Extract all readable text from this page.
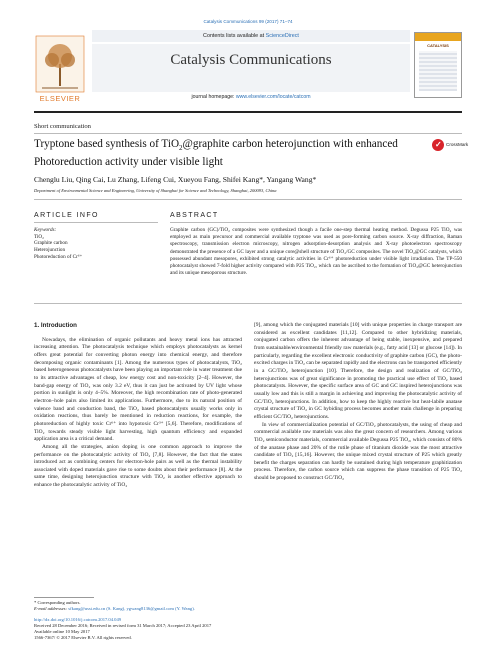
Catalysis Communications 99 (2017) 71–74
ELSEVIER
Contents lists available at ScienceDirect
Catalysis Communications
journal homepage: www.elsevier.com/locate/catcom
CATALYSIS
Short communication
Tryptone based synthesis of TiO$_2$@graphite carbon heterojunction with enhanced Photoreduction activity under visible light
✓ CrossMark
Chenglu Liu, Qing Cai, Lu Zhang, Lifeng Cui, Xueyou Fang, Shifei Kang*, Yangang Wang*
Department of Environmental Science and Engineering, University of Shanghai for Science and Technology, Shanghai, 200093, China
ARTICLE INFO	ABSTRACT
Keywords:
TiO₂
Graphite carbon
Heterojunction
Photoreduction of Cr⁶⁺
Graphite carbon (GC)/TiO₂ composites were synthesized though a facile one-step thermal heating method. Degussa P25 TiO₂ was employed as main precursor and commercial available tryptone was used as pore-forming carbon source. X-ray diffraction, Raman spectroscopy, transmission electron microscopy, nitrogen adsorption-desorption analysis and X-ray photoelectron spectroscopy demonstrated the presence of a GC layer and a unique core@shell structure of TiO₂/GC composites. The novel TiO₂@GC catalysts, which possessed abundant mesopores, exhibited strong catalytic activities in Cr⁶⁺ photoreduction under visible light irradiation. The TP-550 photocatalyst showed 7-fold higher activity compared with P25 TiO₂, which can be ascribed to the formation of TiO₂@GC heterojunction and its unique mesoporous structure.
1. Introduction

Nowadays, the elimination of organic pollutants and heavy metal ions has attracted increasing attention. The photocatalysis technique which employs photocatalysts as kernel offers great potential for converting photon energy into chemical energy, and therefore decomposing organic contaminants [1]. Among the numerous types of photocatalysts, TiO₂ based heterogeneous photocatalysts have been playing an important role in water treatment due to its attractive advantages of cheap, low energy cost and non-toxicity [2–4]. However, the band-gap energy of TiO₂ was only 3.2 eV, thus it can just be activated by UV light whose portion in sunlight is only 4–5%. Moreover, the high recombination rate of photo-generated electron–hole pairs also limited its applications. Furthermore, due to its natural position of valence band and conduction band, the TiO₂ based photocatalysts usually works only in oxidation reactions, thus barely be mentioned in reduction reactions, for example, the photoreduction of highly toxic Cr⁶⁺ into hypotoxic Cr³⁺ [5,6]. Therefore, modifications of TiO₂ towards steady visible light harvesting, high quantum efficiency and expanded application area is a critical demand.

Among all the strategies, anion doping is one common approach to improve the performance on the photocatalytic activity of TiO₂ [7,8]. However, the fact that the states introduced act as combining centers for electron-hole pairs as well as the thermal instability associated with doped materials gave rise to some doubts about their performance [8]. At the same time, designing heterojunction structure with TiO₂ is another effective approach to enhance the photocatalytic activity of TiO₂

[9], among which the conjugated materials [10] with unique properties in charge transport are considered as excellent candidates [11,12]. Compared to other hybridizing materials, conjugated carbon offers the inherent advantage of being stable, inexpensive, and prepared from sustainable/environmental friendly raw materials (e.g., fatty acid [13] or glucose [14]). In particularly, regarding the excellent electronic conductivity of graphite carbon (GC), the photo-excited charges in TiO₂ can be separated rapidly and the electrons can be transported efficiently in a GC/TiO₂ heterojunction [10]. Therefore, the design and realization of GC/TiO₂ heterojunctions was of great significance in promoting the practical use effect of TiO₂ based photocatalysts. However, the specific surface area of GC and GC inspired heterojunctions was usually low and this is still a margin in achieving and improving the photocatalytic activity of GC/TiO₂ heterojunctions. In addition, how to keep the highly reactive but heat-labile anatase crystal structure of TiO₂ in GC hybiding process becomes another main challenge in preparing efficient GC/TiO₂ heterojunctions.

In view of commercialization potential of GC/TiO₂ photocatalysts, the using of cheap and commercial available raw materials was also the great concern of researchers. Among various TiO₂ semiconductor materials, commercial available Degussa P25 TiO₂, which consists of 80% of the anatase phase and 20% of the rutile phase of titanium dioxide was the most attractive candidate of TiO₂ [15,16]. However, the unique mixed crystal structure of P25 which greatly benefit the charges separation can hardly be sustained during high temperature graphitization process. Therefore, the carbon source which can suppress the phase transition of P25 TiO₂ should be proposed to construct GC/TiO₂

* Corresponding authors.
E-mail addresses: sfkang@usst.edu.cn (S. Kang), ygwang8136@gmail.com (Y. Wang).
http://dx.doi.org/10.1016/j.catcom.2017.04.049
Received 28 December 2016; Received in revised form 31 March 2017; Accepted 23 April 2017
Available online 10 May 2017
1566-7367/ © 2017 Elsevier B.V. All rights reserved.
